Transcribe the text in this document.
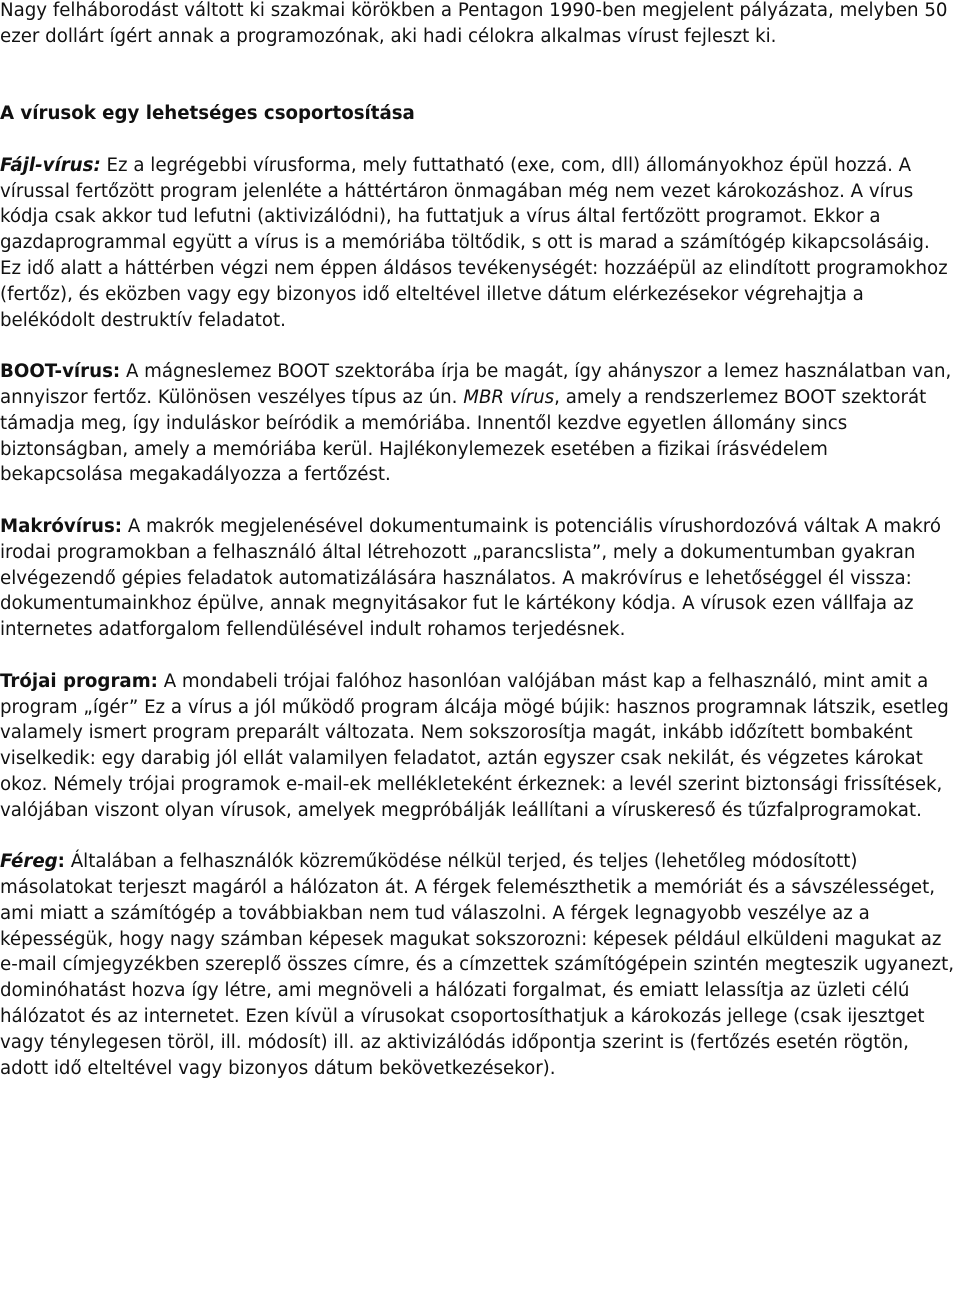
Nagy felháborodást váltott ki szakmai körökben a Pentagon 1990-ben megjelent pályázata, melyben 50 ezer dollárt ígért annak a programozónak, aki hadi célokra alkalmas vírust fejleszt ki.

A vírusok egy lehetséges csoportosítása

Fájl-vírus: Ez a legrégebbi vírusforma, mely futtatható (exe, com, dll) állományokhoz épül hozzá. A vírussal fertőzött program jelenléte a háttértáron önmagában még nem vezet károkozáshoz. A vírus kódja csak akkor tud lefutni (aktivizálódni), ha futtatjuk a vírus által fertőzött programot. Ekkor a gazdaprogrammal együtt a vírus is a memóriába töltődik, s ott is marad a számítógép kikapcsolásáig. Ez idő alatt a háttérben végzi nem éppen áldásos tevékenységét: hozzáépül az elindított programokhoz (fertőz), és eközben vagy egy bizonyos idő elteltével illetve dátum elérkezésekor végrehajtja a belékódolt destruktív feladatot.

BOOT-vírus: A mágneslemez BOOT szektorába írja be magát, így ahányszor a lemez használatban van, annyiszor fertőz. Különösen veszélyes típus az ún. MBR vírus, amely a rendszerlemez BOOT szektorát támadja meg, így induláskor beíródik a memóriába. Innentől kezdve egyetlen állomány sincs biztonságban, amely a memóriába kerül. Hajlékonylemezek esetében a fizikai írásvédelem bekapcsolása megakadályozza a fertőzést.

Makróvírus: A makrók megjelenésével dokumentumaink is potenciális vírushordozóvá váltak A makró irodai programokban a felhasználó által létrehozott „parancslista”, mely a dokumentumban gyakran elvégezendő gépies feladatok automatizálására használatos. A makróvírus e lehetőséggel él vissza: dokumentumainkhoz épülve, annak megnyitásakor fut le kártékony kódja. A vírusok ezen vállfaja az internetes adatforgalom fellendülésével indult rohamos terjedésnek.

Trójai program: A mondabeli trójai falóhoz hasonlóan valójában mást kap a felhasználó, mint amit a program „ígér” Ez a vírus a jól működő program álcája mögé bújik: hasznos programnak látszik, esetleg valamely ismert program preparált változata. Nem sokszorosítja magát, inkább időzített bombaként viselkedik: egy darabig jól ellát valamilyen feladatot, aztán egyszer csak nekilát, és végzetes károkat okoz. Némely trójai programok e-mail-ek mellékleteként érkeznek: a levél szerint biztonsági frissítések, valójában viszont olyan vírusok, amelyek megpróbálják leállítani a víruskereső és tűzfalprogramokat.

Féreg: Általában a felhasználók közreműködése nélkül terjed, és teljes (lehetőleg módosított) másolatokat terjeszt magáról a hálózaton át. A férgek felemészthetik a memóriát és a sávszélességet, ami miatt a számítógép a továbbiakban nem tud válaszolni. A férgek legnagyobb veszélye az a képességük, hogy nagy számban képesek magukat sokszorozni: képesek például elküldeni magukat az e-mail címjegyzékben szereplő összes címre, és a címzettek számítógépein szintén megteszik ugyanezt, dominóhatást hozva így létre, ami megnöveli a hálózati forgalmat, és emiatt lelassítja az üzleti célú hálózatot és az internetet. Ezen kívül a vírusokat csoportosíthatjuk a károkozás jellege (csak ijesztget vagy ténylegesen töröl, ill. módosít) ill. az aktivizálódás időpontja szerint is (fertőzés esetén rögtön, adott idő elteltével vagy bizonyos dátum bekövetkezésekor).
